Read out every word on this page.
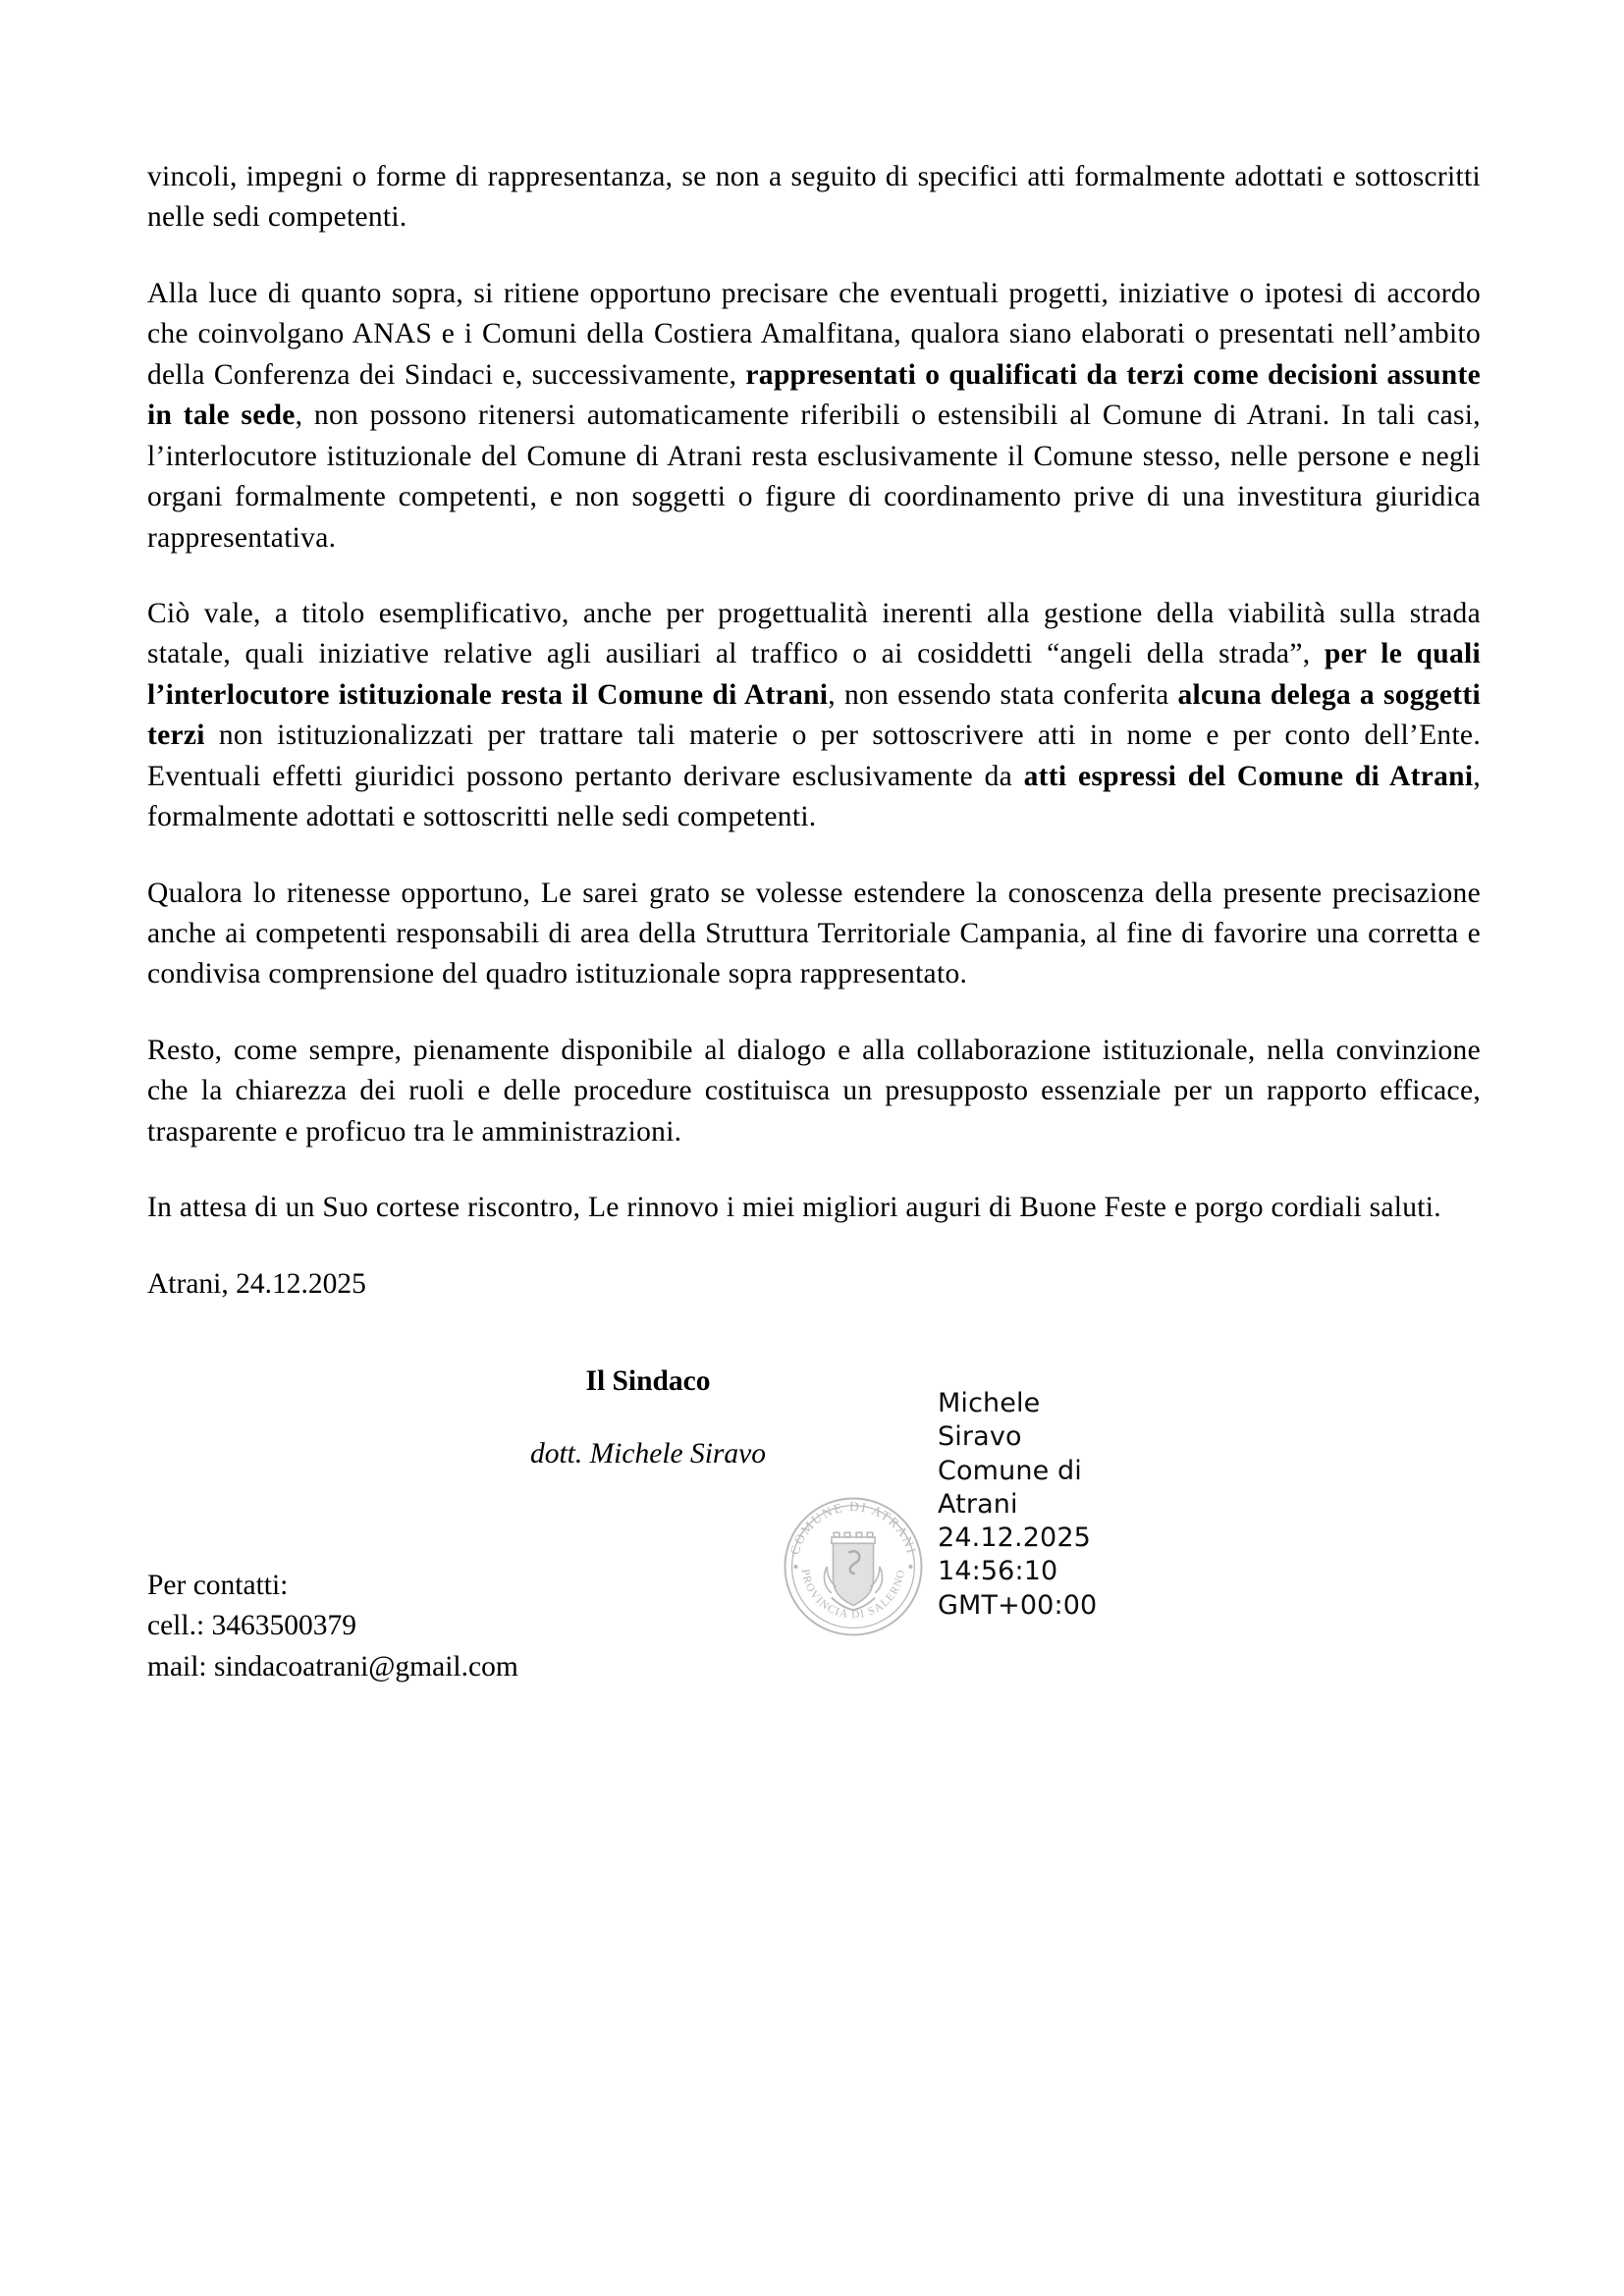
vincoli, impegni o forme di rappresentanza, se non a seguito di specifici atti formalmente adottati e sottoscritti nelle sedi competenti.

Alla luce di quanto sopra, si ritiene opportuno precisare che eventuali progetti, iniziative o ipotesi di accordo che coinvolgano ANAS e i Comuni della Costiera Amalfitana, qualora siano elaborati o presentati nell’ambito della Conferenza dei Sindaci e, successivamente, rappresentati o qualificati da terzi come decisioni assunte in tale sede, non possono ritenersi automaticamente riferibili o estensibili al Comune di Atrani. In tali casi, l’interlocutore istituzionale del Comune di Atrani resta esclusivamente il Comune stesso, nelle persone e negli organi formalmente competenti, e non soggetti o figure di coordinamento prive di una investitura giuridica rappresentativa.

Ciò vale, a titolo esemplificativo, anche per progettualità inerenti alla gestione della viabilità sulla strada statale, quali iniziative relative agli ausiliari al traffico o ai cosiddetti “angeli della strada”, per le quali l’interlocutore istituzionale resta il Comune di Atrani, non essendo stata conferita alcuna delega a soggetti terzi non istituzionalizzati per trattare tali materie o per sottoscrivere atti in nome e per conto dell’Ente. Eventuali effetti giuridici possono pertanto derivare esclusivamente da atti espressi del Comune di Atrani, formalmente adottati e sottoscritti nelle sedi competenti.

Qualora lo ritenesse opportuno, Le sarei grato se volesse estendere la conoscenza della presente precisazione anche ai competenti responsabili di area della Struttura Territoriale Campania, al fine di favorire una corretta e condivisa comprensione del quadro istituzionale sopra rappresentato.

Resto, come sempre, pienamente disponibile al dialogo e alla collaborazione istituzionale, nella convinzione che la chiarezza dei ruoli e delle procedure costituisca un presupposto essenziale per un rapporto efficace, trasparente e proficuo tra le amministrazioni.

In attesa di un Suo cortese riscontro, Le rinnovo i miei migliori auguri di Buone Feste e porgo cordiali saluti.

Atrani, 24.12.2025

Il Sindaco
dott. Michele Siravo
COMUNE DI ATRANI
PROVINCIA DI SALERNO
Michele
Siravo
Comune di
Atrani
24.12.2025
14:56:10
GMT+00:00
Per contatti:
cell.: 3463500379
mail: sindacoatrani@gmail.com
